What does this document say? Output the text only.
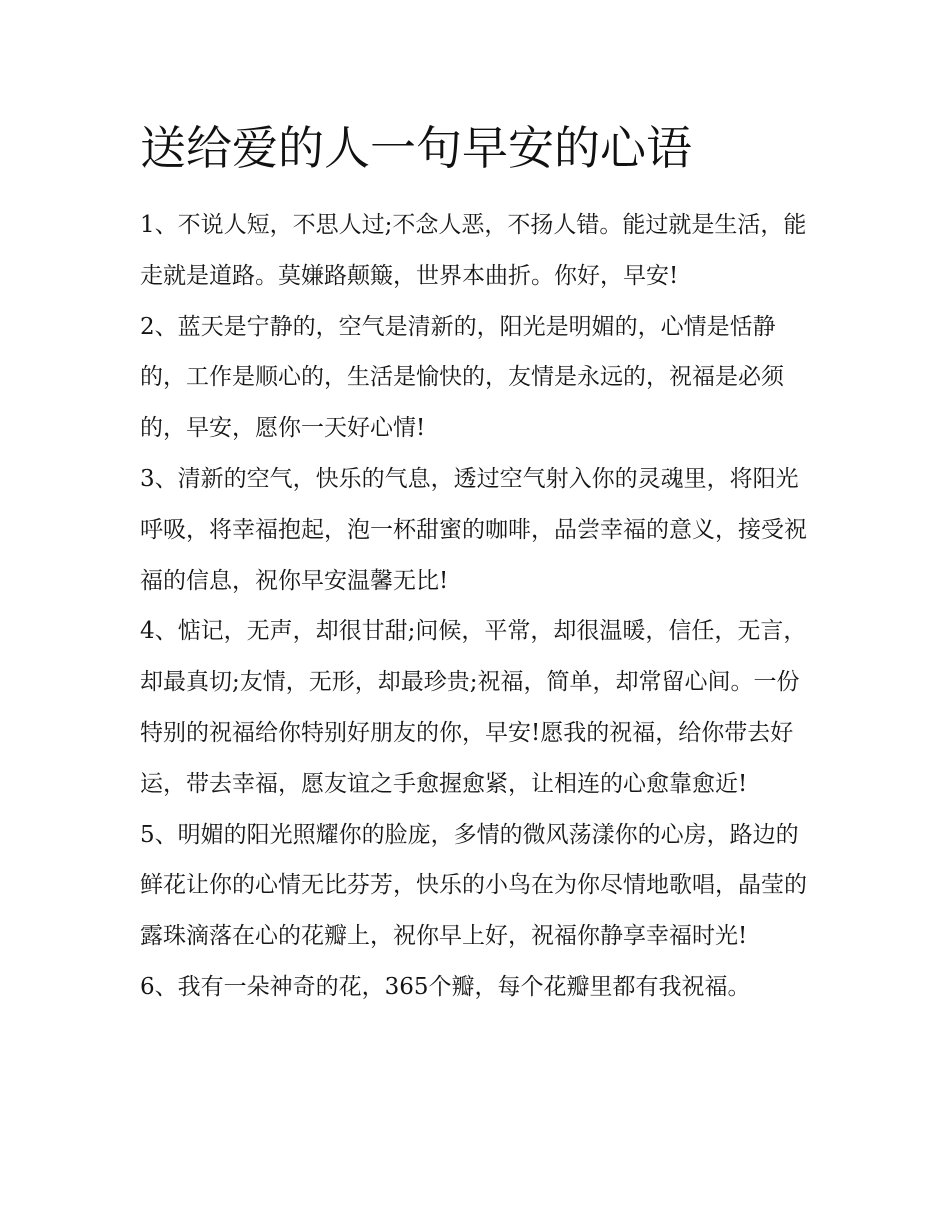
送给爱的人一句早安的心语

1、不说人短，不思人过;不念人恶，不扬人错。能过就是生活，能走就是道路。莫嫌路颠簸，世界本曲折。你好，早安!

2、蓝天是宁静的，空气是清新的，阳光是明媚的，心情是恬静的，工作是顺心的，生活是愉快的，友情是永远的，祝福是必须的，早安，愿你一天好心情!

3、清新的空气，快乐的气息，透过空气射入你的灵魂里，将阳光呼吸，将幸福抱起，泡一杯甜蜜的咖啡，品尝幸福的意义，接受祝福的信息，祝你早安温馨无比!

4、惦记，无声，却很甘甜;问候，平常，却很温暖，信任，无言，却最真切;友情，无形，却最珍贵;祝福，简单，却常留心间。一份特别的祝福给你特别好朋友的你，早安!愿我的祝福，给你带去好运，带去幸福，愿友谊之手愈握愈紧，让相连的心愈靠愈近!

5、明媚的阳光照耀你的脸庞，多情的微风荡漾你的心房，路边的鲜花让你的心情无比芬芳，快乐的小鸟在为你尽情地歌唱，晶莹的露珠滴落在心的花瓣上，祝你早上好，祝福你静享幸福时光!

6、我有一朵神奇的花，365个瓣，每个花瓣里都有我祝福。
